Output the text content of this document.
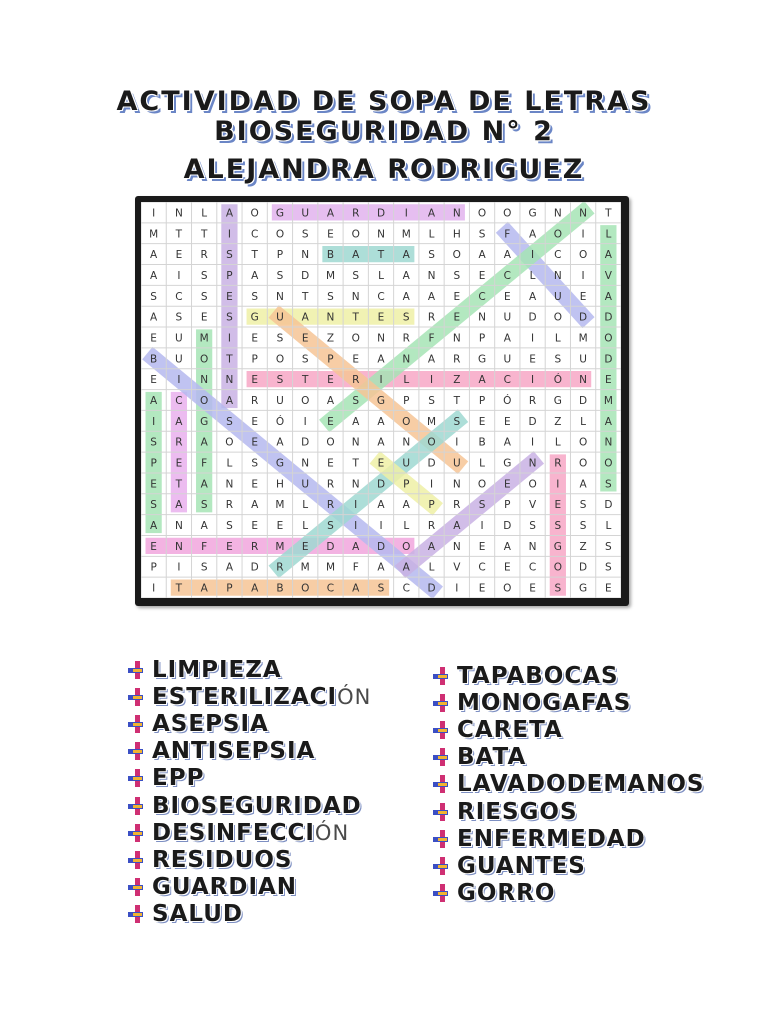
ACTIVIDAD DE SOPA DE LETRAS
BIOSEGURIDAD N° 2
ALEJANDRA RODRIGUEZ
I N L A O G U A R D I A N O O G N N T
M T T I C O S E O N M L H S F A O I L
A E R S T P N B A T A S O A A I C O A
A I S P A S D M S L A N S E C L N I V
S C S E S N T S N C A A E C E A U E A
A S E S G U A N T E S R E N U D O D D
E U M I E S E Z O N R F N P A I L M O
B U O T P O S P E A N A R G U E S U D
E I N N E S T E R I L I Z A C I Ó N E
A C O A R U O A S G P S T P Ó R G D M
I A G S E Ó I E A A O M S E E D Z L A
S R A O E A D O N A N O I B A I L O N
P E F L S G N E T E U D U L G N R O O
E T A N E H U R N D P I N O E O I A S
S A S R A M L R I A A P R S P V E S D
A N A S E E L S I I L R A I D S S S L
E N F E R M E D A D O A N E A N G Z S
P I S A D R M M F A A L V C E C O D S
I T A P A B O C A S C D I E O E S G E
LIMPIEZA
ESTERILIZACIÓN
ASEPSIA
ANTISEPSIA
EPP
BIOSEGURIDAD
DESINFECCIÓN
RESIDUOS
GUARDIAN
SALUD
TAPABOCAS
MONOGAFAS
CARETA
BATA
LAVADODEMANOS
RIESGOS
ENFERMEDAD
GUANTES
GORRO
